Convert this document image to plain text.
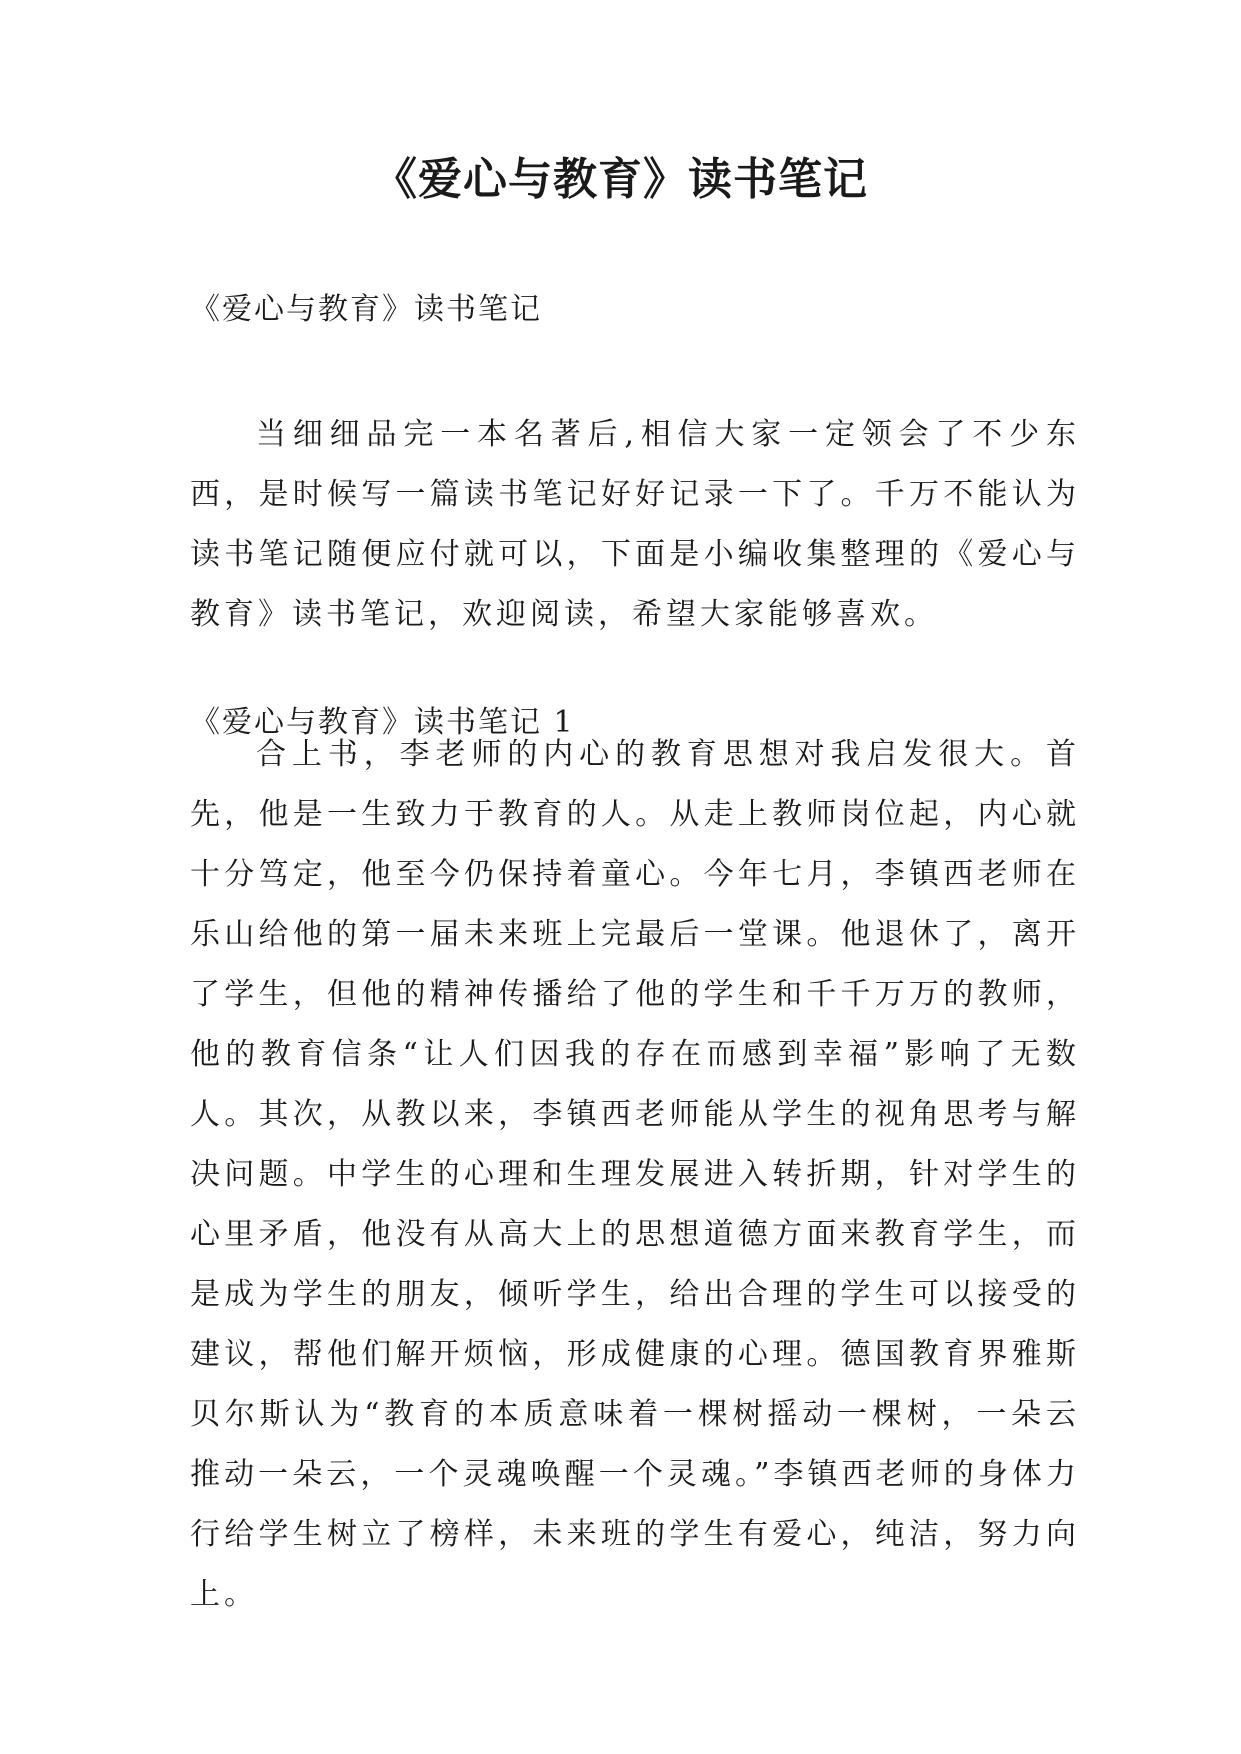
《爱心与教育》读书笔记
《爱心与教育》读书笔记

当细细品完一本名著后,相信大家一定领会了不少东西，是时候写一篇读书笔记好好记录一下了。千万不能认为读书笔记随便应付就可以，下面是小编收集整理的《爱心与教育》读书笔记，欢迎阅读，希望大家能够喜欢。

《爱心与教育》读书笔记 1

合上书，李老师的内心的教育思想对我启发很大。首先，他是一生致力于教育的人。从走上教师岗位起，内心就十分笃定，他至今仍保持着童心。今年七月，李镇西老师在乐山给他的第一届未来班上完最后一堂课。他退休了，离开了学生，但他的精神传播给了他的学生和千千万万的教师，他的教育信条“让人们因我的存在而感到幸福”影响了无数人。其次，从教以来，李镇西老师能从学生的视角思考与解决问题。中学生的心理和生理发展进入转折期，针对学生的心里矛盾，他没有从高大上的思想道德方面来教育学生，而是成为学生的朋友，倾听学生，给出合理的学生可以接受的建议，帮他们解开烦恼，形成健康的心理。德国教育界雅斯贝尔斯认为“教育的本质意味着一棵树摇动一棵树，一朵云推动一朵云，一个灵魂唤醒一个灵魂。”李镇西老师的身体力行给学生树立了榜样，未来班的学生有爱心，纯洁，努力向上。
